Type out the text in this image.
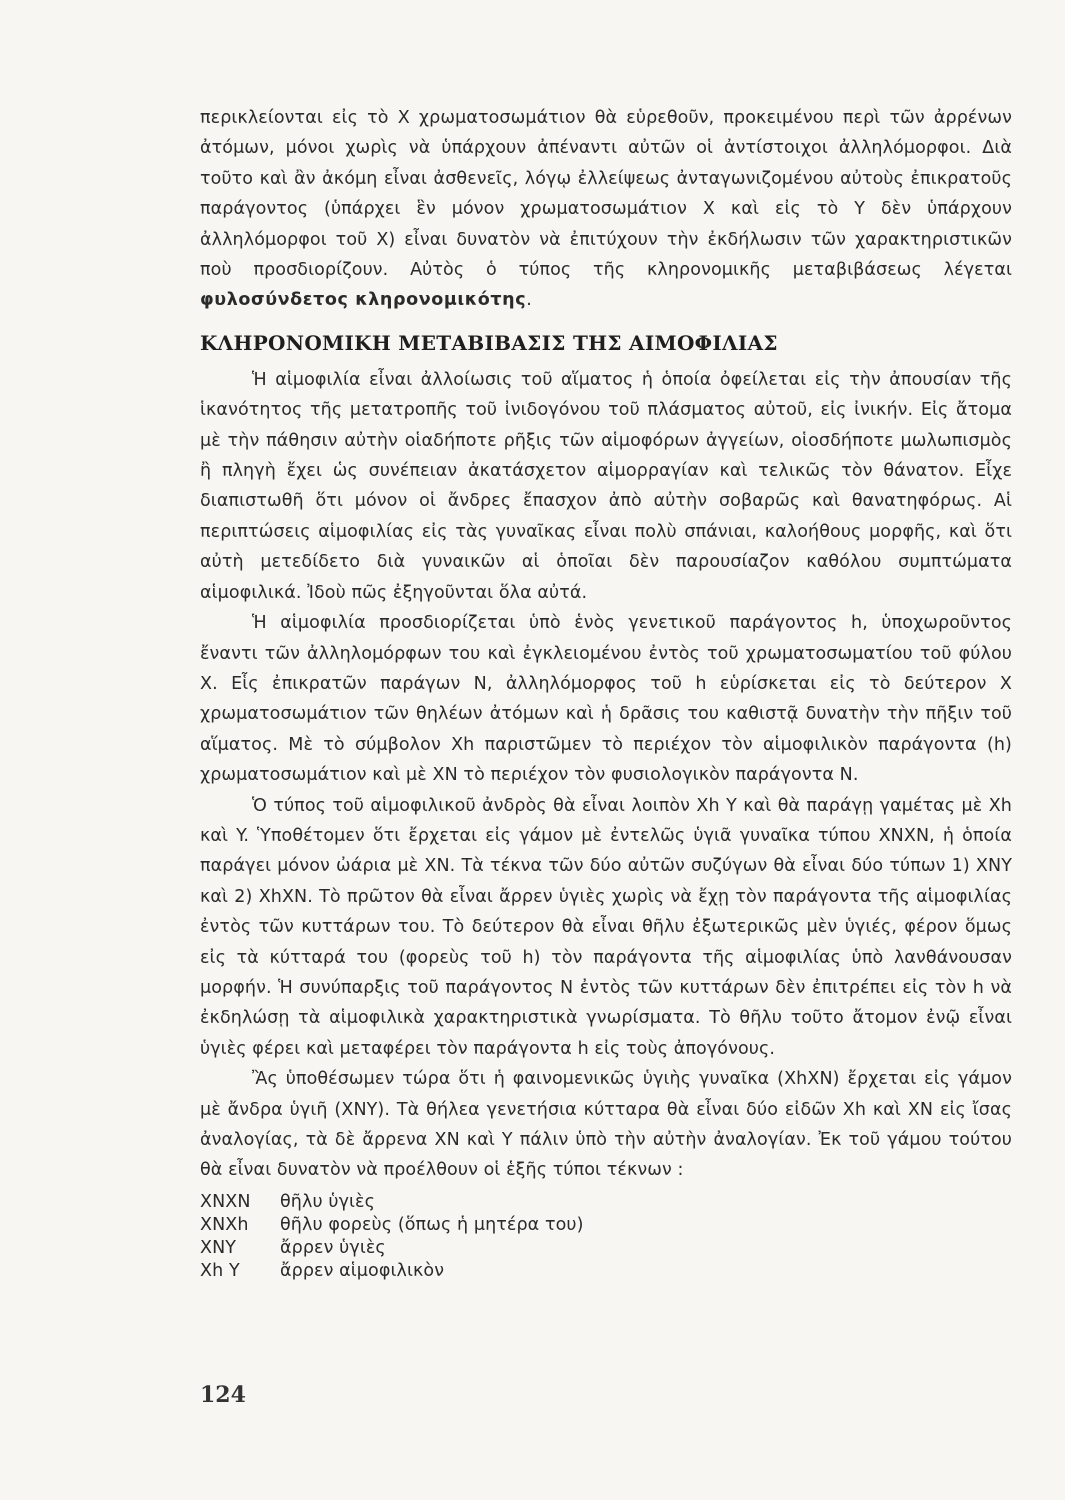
περικλείονται εἰς τὸ X χρωματοσωμάτιον θὰ εὑρεθοῦν, προκειμένου περὶ τῶν ἀρρένων ἀτόμων, μόνοι χωρὶς νὰ ὑπάρχουν ἀπέναντι αὐτῶν οἱ ἀντίστοιχοι ἀλληλόμορφοι. Διὰ τοῦτο καὶ ἂν ἀκόμη εἶναι ἀσθενεῖς, λόγῳ ἐλλείψεως ἀνταγωνιζομένου αὐτοὺς ἐπικρατοῦς παράγοντος (ὑπάρχει ἓν μόνον χρωματοσωμάτιον X καὶ εἰς τὸ Y δὲν ὑπάρχουν ἀλληλόμορφοι τοῦ X) εἶναι δυνατὸν νὰ ἐπιτύχουν τὴν ἐκδήλωσιν τῶν χαρακτηριστικῶν ποὺ προσδιορίζουν. Αὐτὸς ὁ τύπος τῆς κληρονομικῆς μεταβιβάσεως λέγεται φυλοσύνδετος κληρονομικότης.

ΚΛΗΡΟΝΟΜΙΚΗ ΜΕΤΑΒΙΒΑΣΙΣ ΤΗΣ ΑΙΜΟΦΙΛΙΑΣ

Ἡ αἱμοφιλία εἶναι ἀλλοίωσις τοῦ αἵματος ἡ ὁποία ὀφείλεται εἰς τὴν ἀπουσίαν τῆς ἱκανότητος τῆς μετατροπῆς τοῦ ἰνιδογόνου τοῦ πλάσματος αὐτοῦ, εἰς ἰνικήν. Εἰς ἄτομα μὲ τὴν πάθησιν αὐτὴν οἱαδήποτε ρῆξις τῶν αἱμοφόρων ἀγγείων, οἱοσδήποτε μωλωπισμὸς ἢ πληγὴ ἔχει ὡς συνέπειαν ἀκατάσχετον αἱμορραγίαν καὶ τελικῶς τὸν θάνατον. Εἶχε διαπιστωθῆ ὅτι μόνον οἱ ἄνδρες ἔπασχον ἀπὸ αὐτὴν σοβαρῶς καὶ θανατηφόρως. Αἱ περιπτώσεις αἱμοφιλίας εἰς τὰς γυναῖκας εἶναι πολὺ σπάνιαι, καλοήθους μορφῆς, καὶ ὅτι αὐτὴ μετεδίδετο διὰ γυναικῶν αἱ ὁποῖαι δὲν παρουσίαζον καθόλου συμπτώματα αἱμοφιλικά. Ἰδοὺ πῶς ἐξηγοῦνται ὅλα αὐτά.

Ἡ αἱμοφιλία προσδιορίζεται ὑπὸ ἑνὸς γενετικοῦ παράγοντος h, ὑποχωροῦντος ἔναντι τῶν ἀλληλομόρφων του καὶ ἐγκλειομένου ἐντὸς τοῦ χρωματοσωματίου τοῦ φύλου X. Εἷς ἐπικρατῶν παράγων N, ἀλληλόμορφος τοῦ h εὑρίσκεται εἰς τὸ δεύτερον X χρωματοσωμάτιον τῶν θηλέων ἀτόμων καὶ ἡ δρᾶσις του καθιστᾷ δυνατὴν τὴν πῆξιν τοῦ αἵματος. Μὲ τὸ σύμβολον Xh παριστῶμεν τὸ περιέχον τὸν αἱμοφιλικὸν παράγοντα (h) χρωματοσωμάτιον καὶ μὲ XN τὸ περιέχον τὸν φυσιολογικὸν παράγοντα N.

Ὁ τύπος τοῦ αἱμοφιλικοῦ ἀνδρὸς θὰ εἶναι λοιπὸν Xh Y καὶ θὰ παράγῃ γαμέτας μὲ Xh καὶ Y. Ὑποθέτομεν ὅτι ἔρχεται εἰς γάμον μὲ ἐντελῶς ὑγιᾶ γυναῖκα τύπου XNXN, ἡ ὁποία παράγει μόνον ὠάρια μὲ XN. Τὰ τέκνα τῶν δύο αὐτῶν συζύγων θὰ εἶναι δύο τύπων 1) XNY καὶ 2) XhXN. Τὸ πρῶτον θὰ εἶναι ἄρρεν ὑγιὲς χωρὶς νὰ ἔχῃ τὸν παράγοντα τῆς αἱμοφιλίας ἐντὸς τῶν κυττάρων του. Τὸ δεύτερον θὰ εἶναι θῆλυ ἐξωτερικῶς μὲν ὑγιές, φέρον ὅμως εἰς τὰ κύτταρά του (φορεὺς τοῦ h) τὸν παράγοντα τῆς αἱμοφιλίας ὑπὸ λανθάνουσαν μορφήν. Ἡ συνύπαρξις τοῦ παράγοντος N ἐντὸς τῶν κυττάρων δὲν ἐπιτρέπει εἰς τὸν h νὰ ἐκδηλώσῃ τὰ αἱμοφιλικὰ χαρακτηριστικὰ γνωρίσματα. Τὸ θῆλυ τοῦτο ἄτομον ἐνῷ εἶναι ὑγιὲς φέρει καὶ μεταφέρει τὸν παράγοντα h εἰς τοὺς ἀπογόνους.

Ἂς ὑποθέσωμεν τώρα ὅτι ἡ φαινομενικῶς ὑγιὴς γυναῖκα (XhXN) ἔρχεται εἰς γάμον μὲ ἄνδρα ὑγιῆ (XNY). Τὰ θήλεα γενετήσια κύτταρα θὰ εἶναι δύο εἰδῶν Xh καὶ XN εἰς ἴσας ἀναλογίας, τὰ δὲ ἄρρενα XN καὶ Y πάλιν ὑπὸ τὴν αὐτὴν ἀναλογίαν. Ἐκ τοῦ γάμου τούτου θὰ εἶναι δυνατὸν νὰ προέλθουν οἱ ἑξῆς τύποι τέκνων :

XNXN	θῆλυ ὑγιὲς
XNXh	θῆλυ φορεὺς (ὅπως ἡ μητέρα του)
XNY	ἄρρεν ὑγιὲς
Xh Y	ἄρρεν αἱμοφιλικὸν
124
